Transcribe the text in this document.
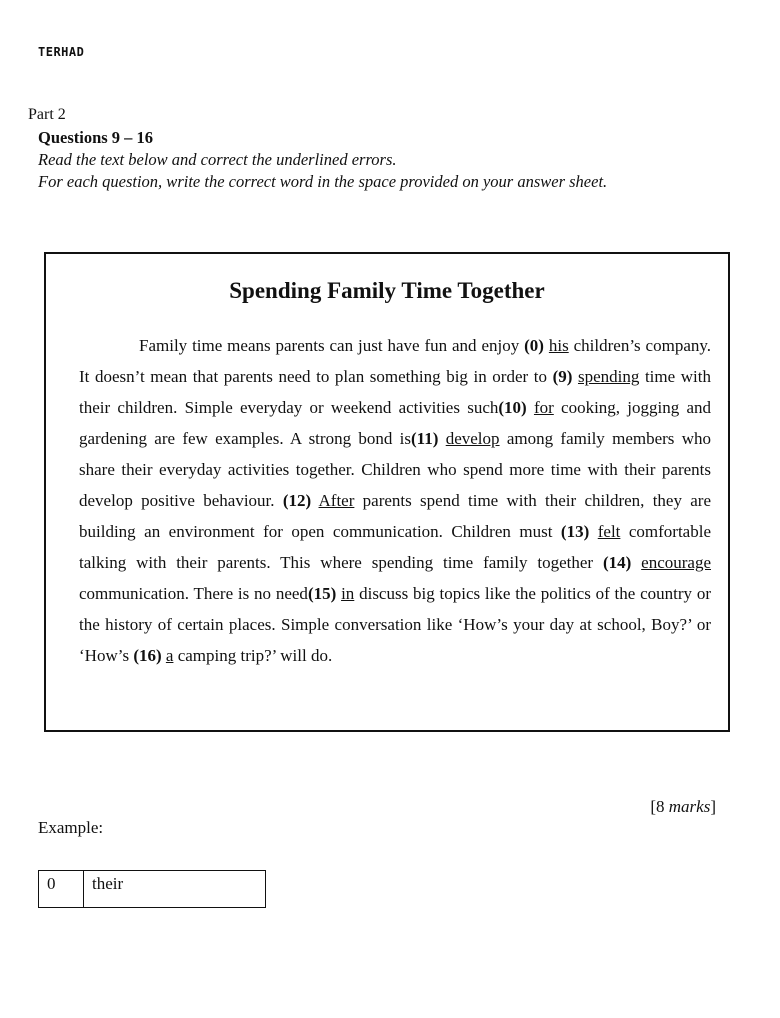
TERHAD
Part 2
Questions 9 – 16
Read the text below and correct the underlined errors.
For each question, write the correct word in the space provided on your answer sheet.
Spending Family Time Together
Family time means parents can just have fun and enjoy (0) his children’s company. It doesn’t mean that parents need to plan something big in order to (9) spending time with their children. Simple everyday or weekend activities such(10) for cooking, jogging and gardening are few examples. A strong bond is(11) develop among family members who share their everyday activities together. Children who spend more time with their parents develop positive behaviour. (12) After parents spend time with their children, they are building an environment for open communication. Children must (13) felt comfortable talking with their parents. This where spending time family together (14) encourage communication. There is no need(15) in discuss big topics like the politics of the country or the history of certain places. Simple conversation like ‘How’s your day at school, Boy?’ or ‘How’s (16) a camping trip?’ will do.
[8 marks]
Example:
0	their
